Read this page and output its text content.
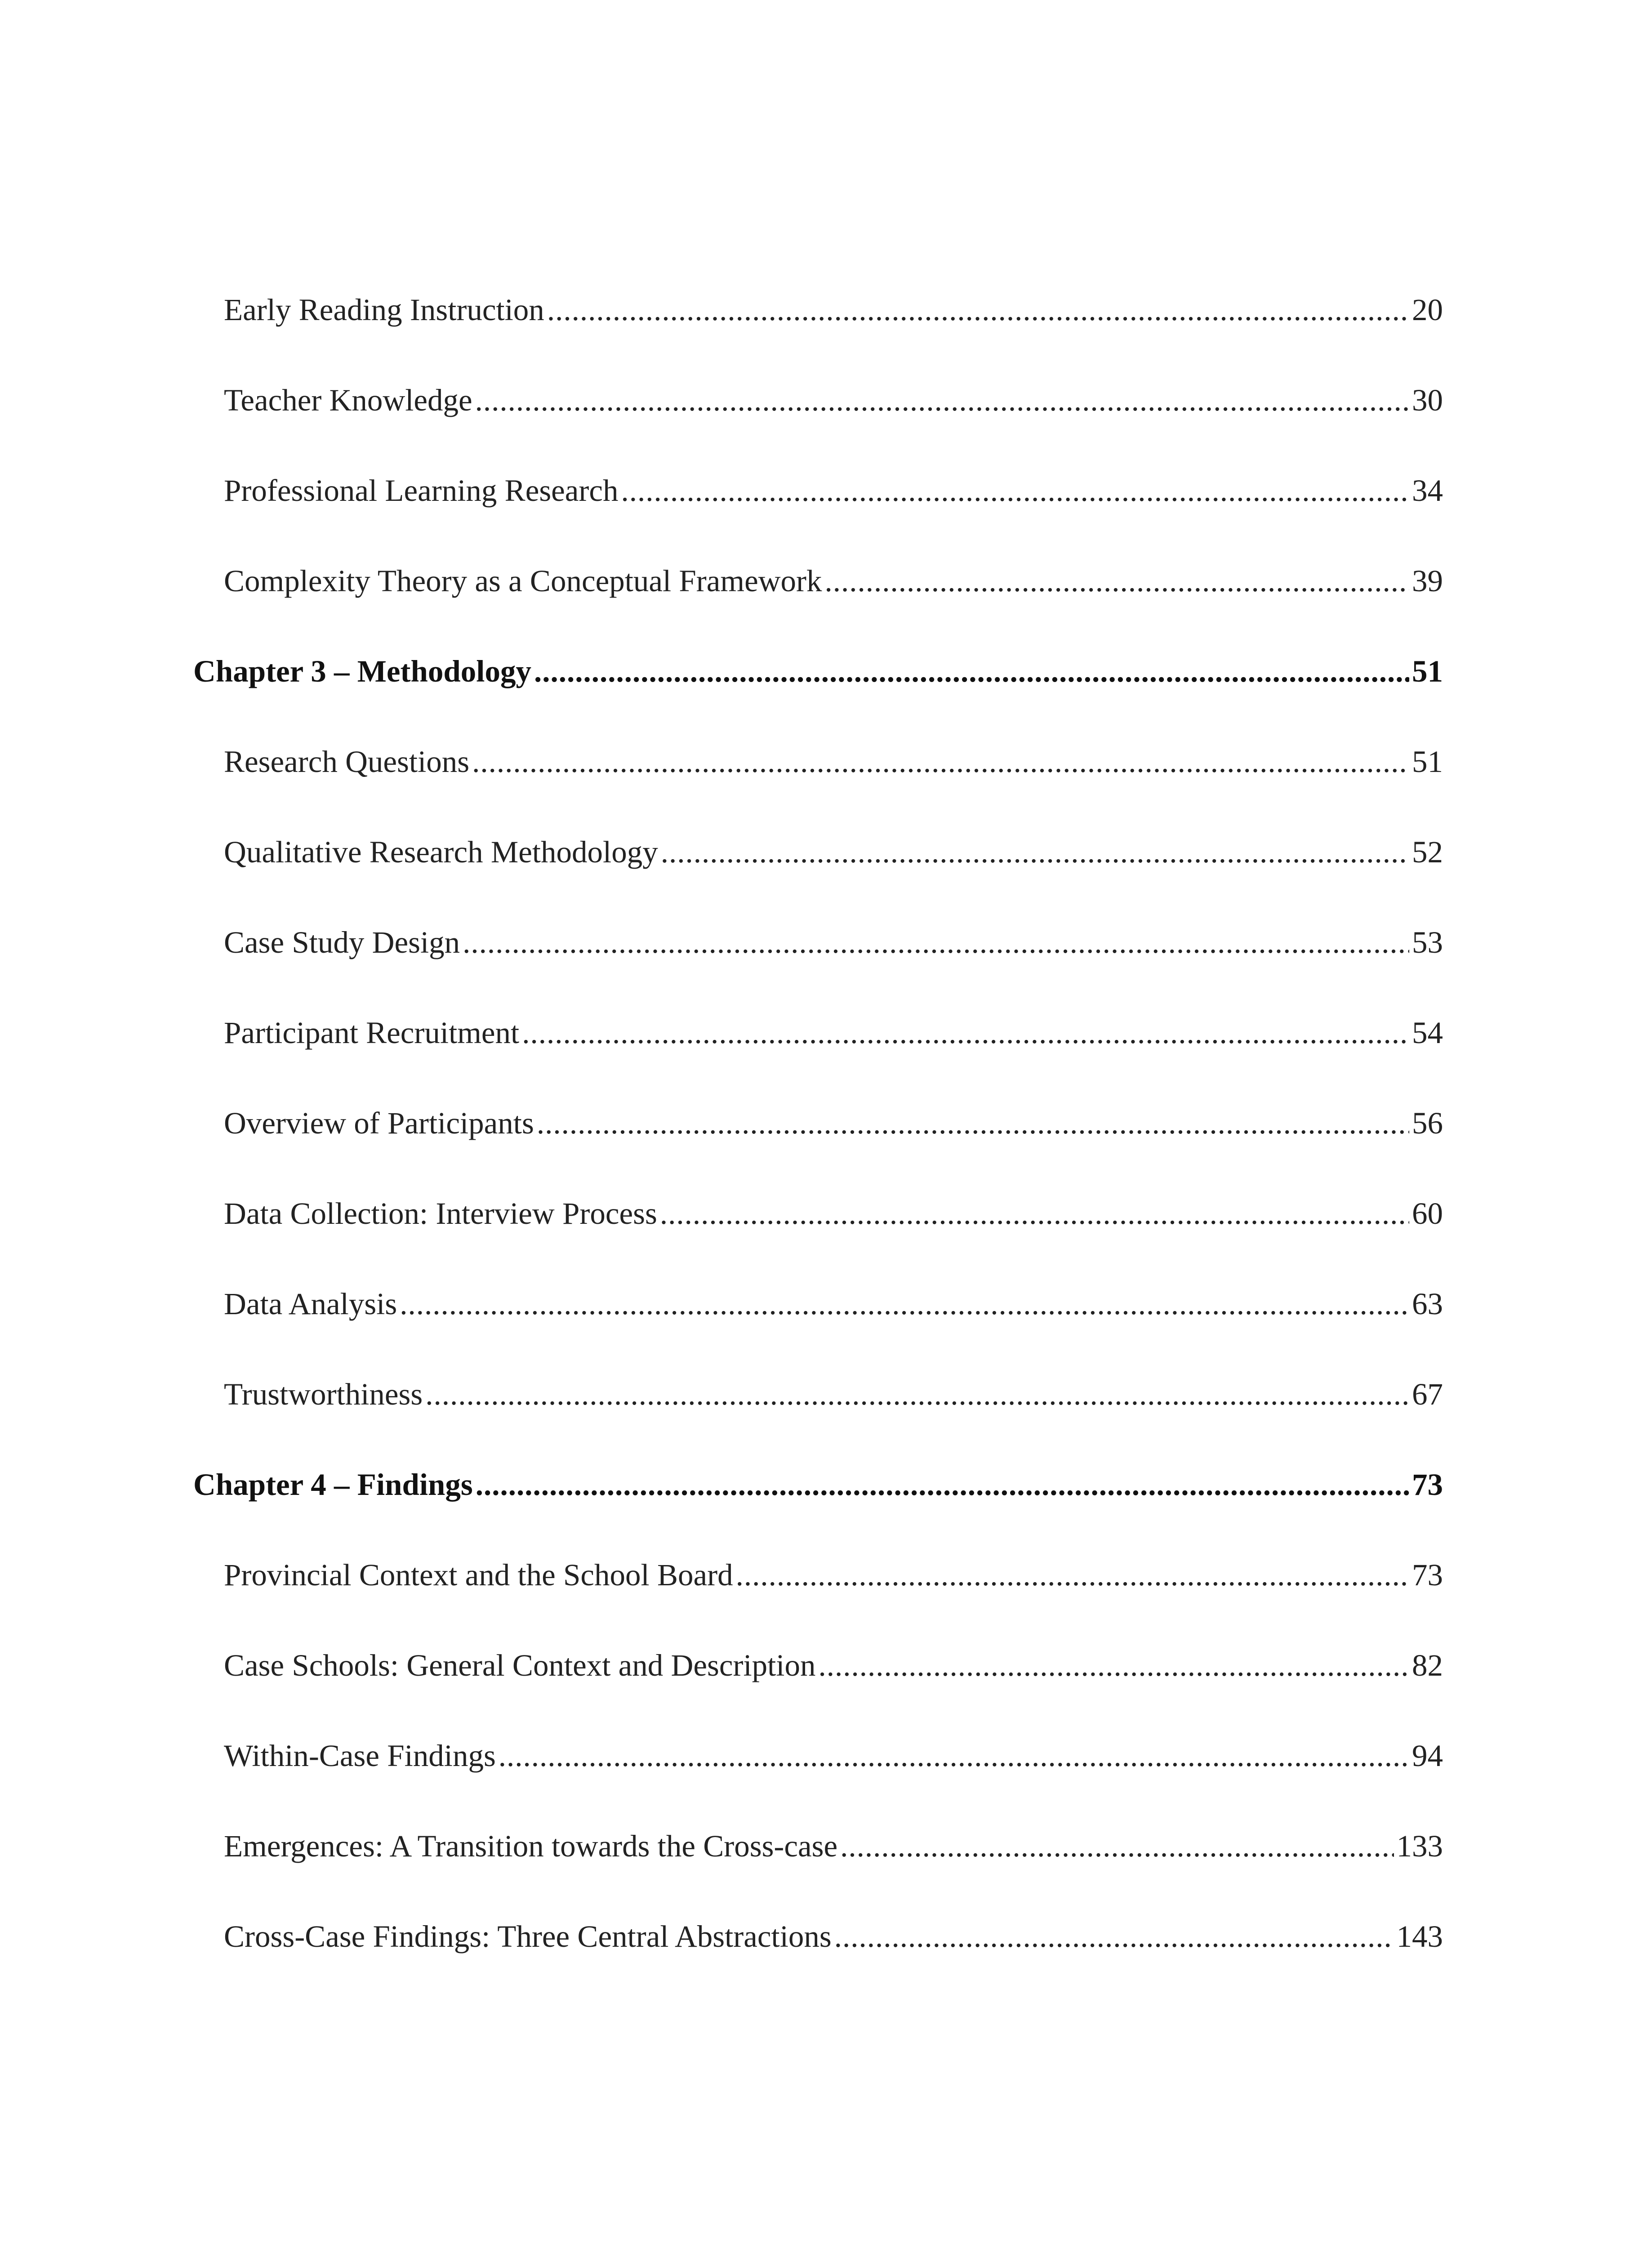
Early Reading Instruction .....	20
Teacher Knowledge .....	30
Professional Learning Research .....	34
Complexity Theory as a Conceptual Framework .....	39
Chapter 3 – Methodology .....	51
Research Questions .....	51
Qualitative Research Methodology .....	52
Case Study Design .....	53
Participant Recruitment .....	54
Overview of Participants .....	56
Data Collection: Interview Process .....	60
Data Analysis .....	63
Trustworthiness .....	67
Chapter 4 – Findings .....	73
Provincial Context and the School Board .....	73
Case Schools: General Context and Description .....	82
Within-Case Findings .....	94
Emergences: A Transition towards the Cross-case .....	133
Cross-Case Findings: Three Central Abstractions .....	143
